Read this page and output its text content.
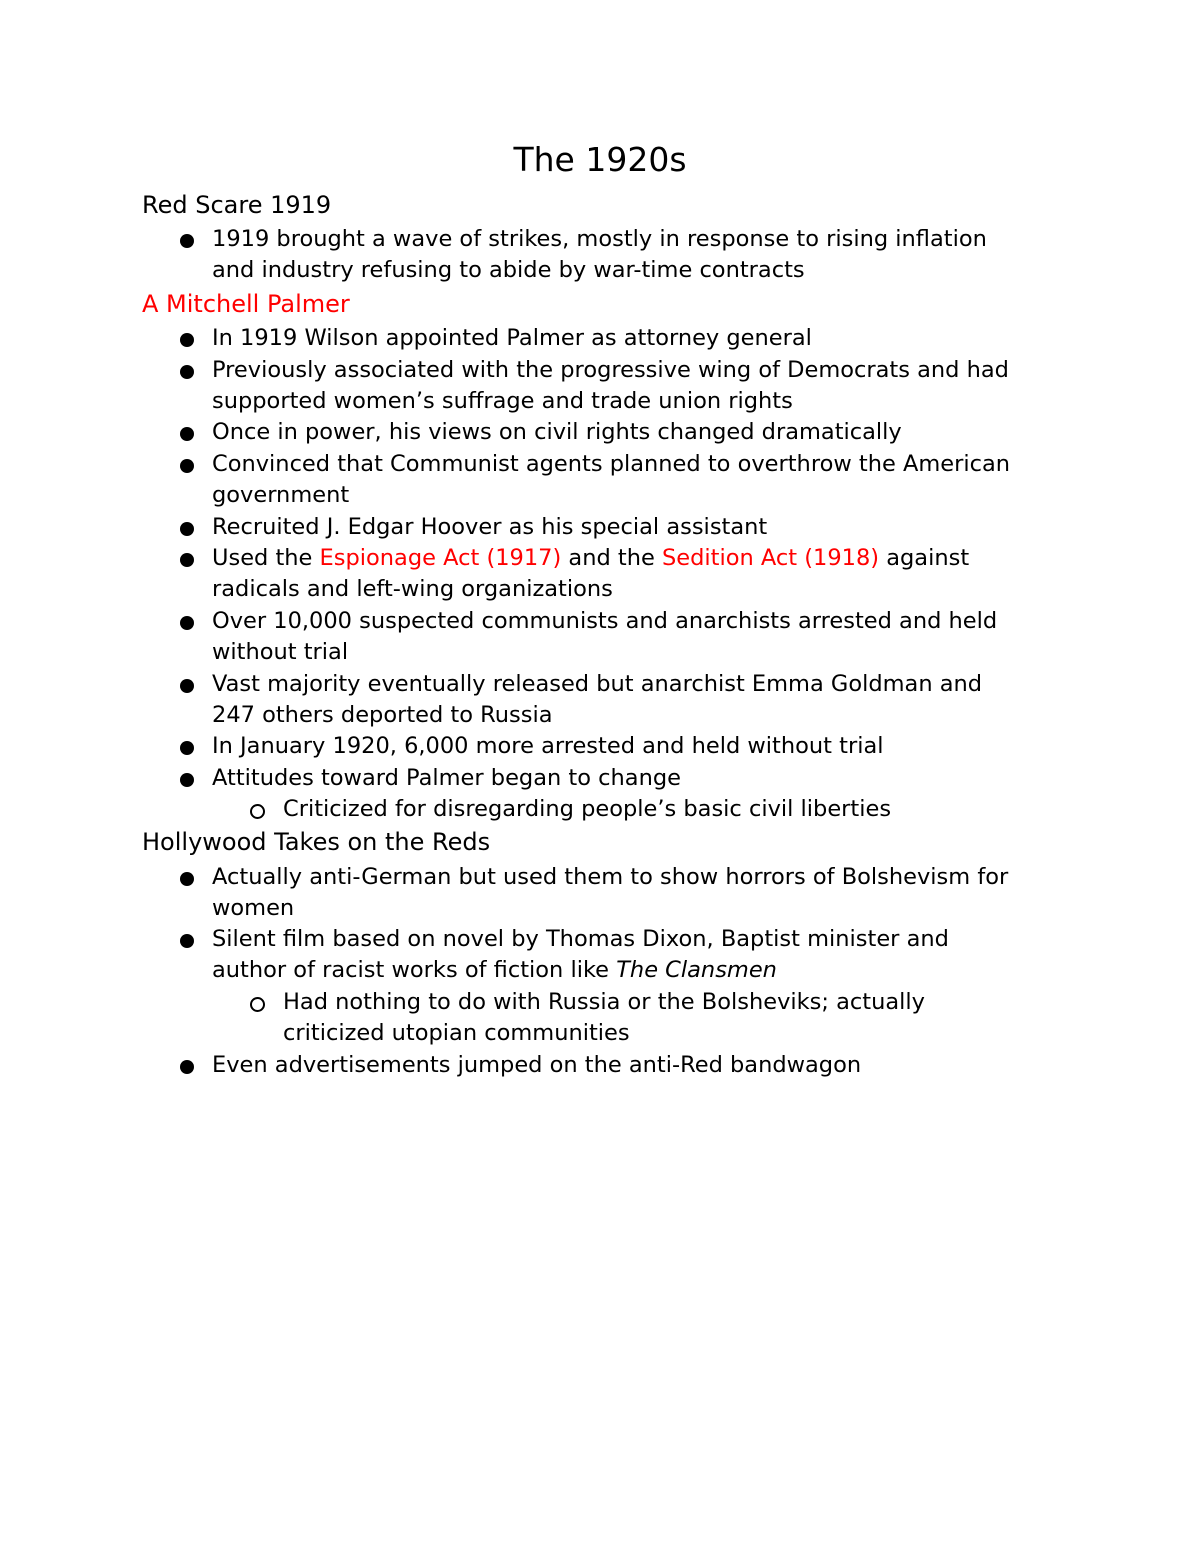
The 1920s
Red Scare 1919
1919 brought a wave of strikes, mostly in response to rising inflation
and industry refusing to abide by war-time contracts
A Mitchell Palmer
In 1919 Wilson appointed Palmer as attorney general
Previously associated with the progressive wing of Democrats and had
supported women’s suffrage and trade union rights
Once in power, his views on civil rights changed dramatically
Convinced that Communist agents planned to overthrow the American
government
Recruited J. Edgar Hoover as his special assistant
Used the Espionage Act (1917) and the Sedition Act (1918) against
radicals and left-wing organizations
Over 10,000 suspected communists and anarchists arrested and held
without trial
Vast majority eventually released but anarchist Emma Goldman and
247 others deported to Russia
In January 1920, 6,000 more arrested and held without trial
Attitudes toward Palmer began to change
Criticized for disregarding people’s basic civil liberties
Hollywood Takes on the Reds
Actually anti-German but used them to show horrors of Bolshevism for
women
Silent film based on novel by Thomas Dixon, Baptist minister and
author of racist works of fiction like The Clansmen
Had nothing to do with Russia or the Bolsheviks; actually
criticized utopian communities
Even advertisements jumped on the anti-Red bandwagon
